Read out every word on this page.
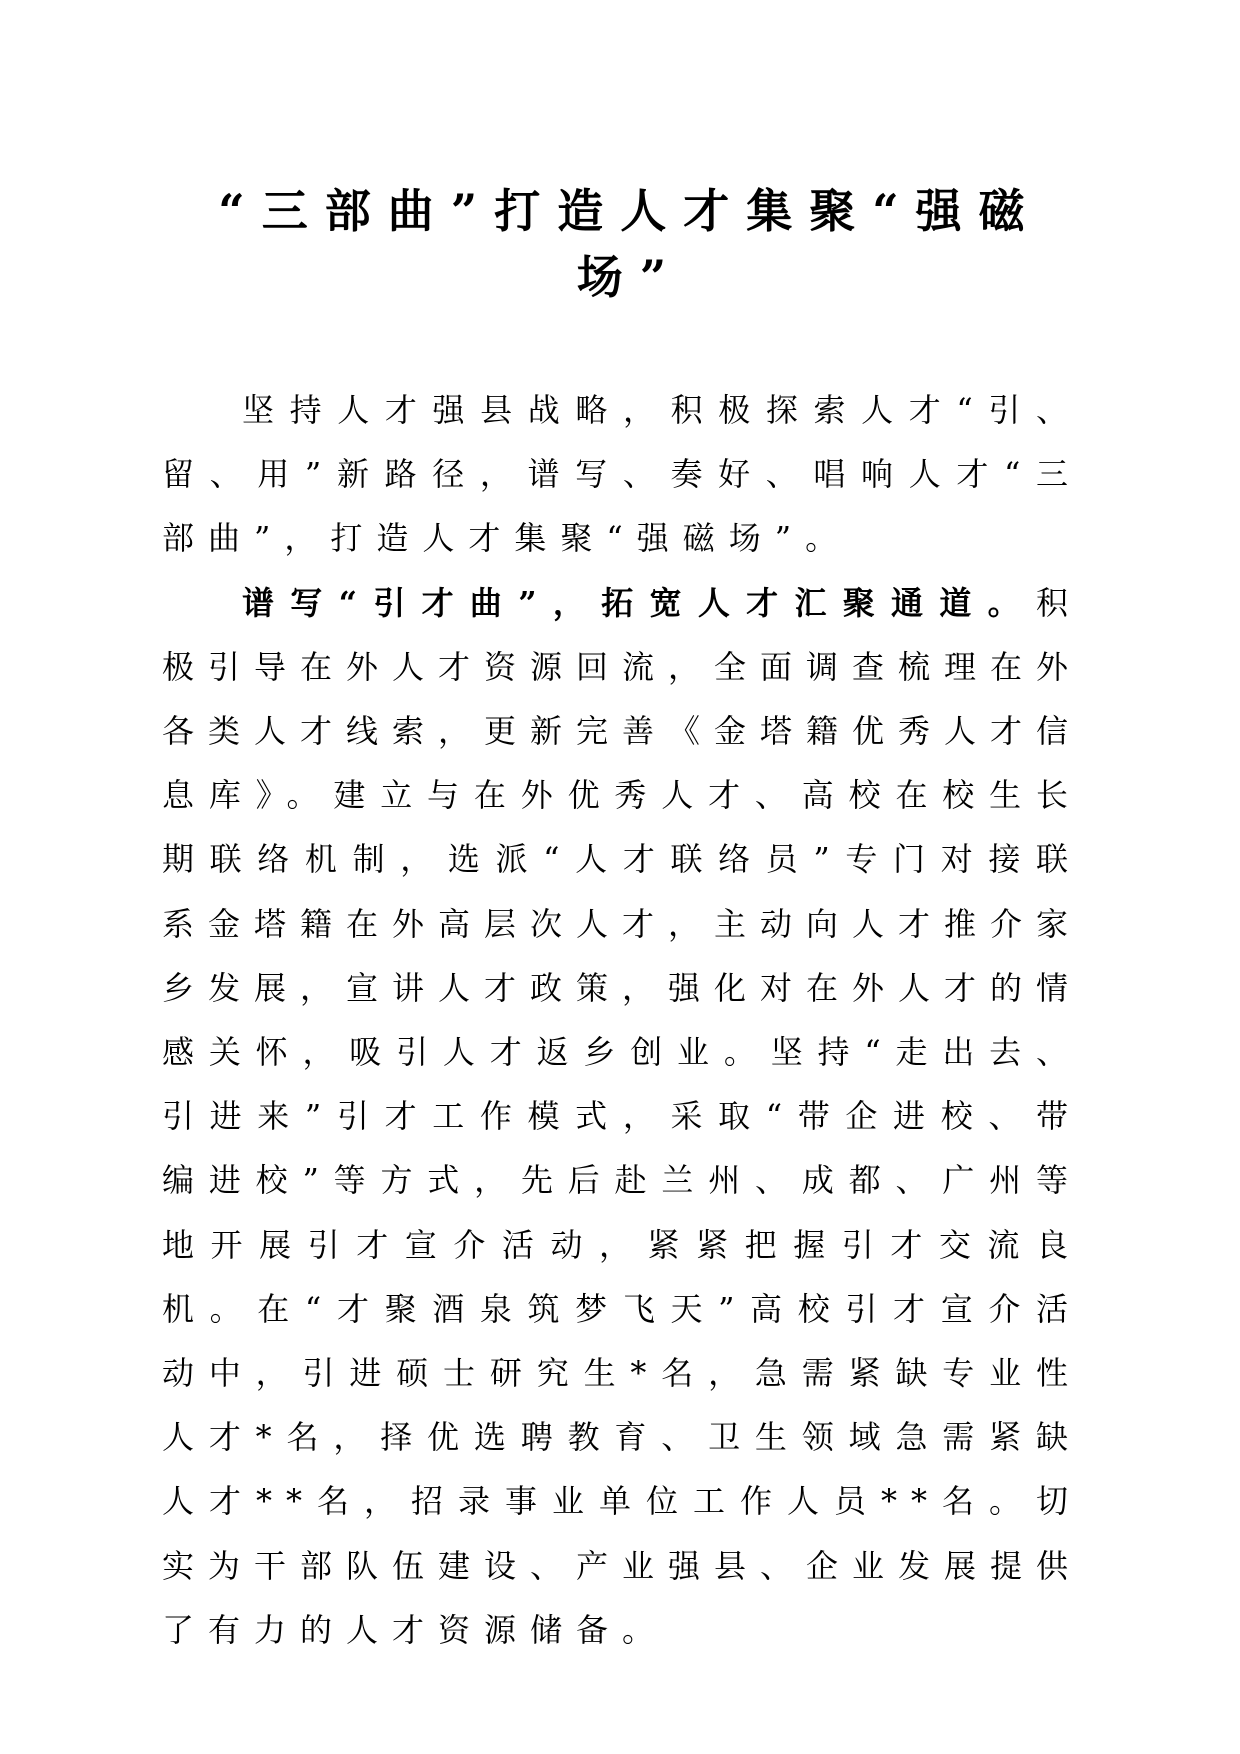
“三部曲”打造人才集聚“强磁场”

坚持人才强县战略，积极探索人才“引、留、用”新路径，谱写、奏好、唱响人才“三部曲”，打造人才集聚“强磁场”。

谱写“引才曲”，拓宽人才汇聚通道。积极引导在外人才资源回流，全面调查梳理在外各类人才线索，更新完善《金塔籍优秀人才信息库》。建立与在外优秀人才、高校在校生长期联络机制，选派“人才联络员”专门对接联系金塔籍在外高层次人才，主动向人才推介家乡发展，宣讲人才政策，强化对在外人才的情感关怀，吸引人才返乡创业。坚持“走出去、引进来”引才工作模式，采取“带企进校、带编进校”等方式，先后赴兰州、成都、广州等地开展引才宣介活动，紧紧把握引才交流良机。在“才聚酒泉筑梦飞天”高校引才宣介活动中，引进硕士研究生*名，急需紧缺专业性人才*名，择优选聘教育、卫生领域急需紧缺人才**名，招录事业单位工作人员**名。切实为干部队伍建设、产业强县、企业发展提供了有力的人才资源储备。
